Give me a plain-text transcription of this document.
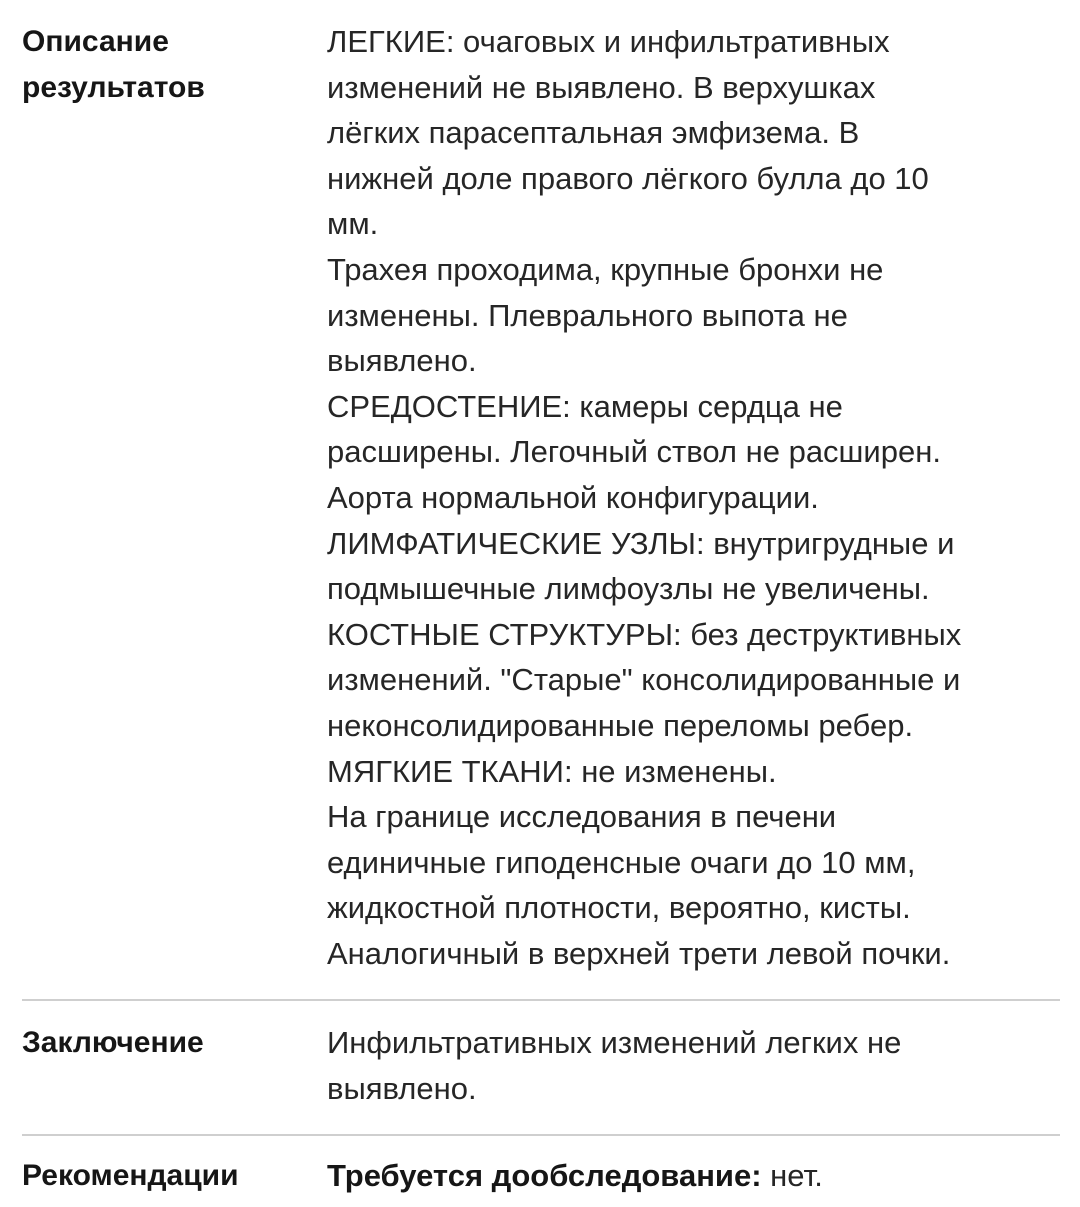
Описание
результатов
ЛЕГКИЕ: очаговых и инфильтративных
изменений не выявлено. В верхушках
лёгких парасептальная эмфизема. В
нижней доле правого лёгкого булла до 10
мм.
Трахея проходима, крупные бронхи не
изменены. Плеврального выпота не
выявлено.
СРЕДОСТЕНИЕ: камеры сердца не
расширены. Легочный ствол не расширен.
Аорта нормальной конфигурации.
ЛИМФАТИЧЕСКИЕ УЗЛЫ: внутригрудные и
подмышечные лимфоузлы не увеличены.
КОСТНЫЕ СТРУКТУРЫ: без деструктивных
изменений. "Старые" консолидированные и
неконсолидированные переломы ребер.
МЯГКИЕ ТКАНИ: не изменены.
На границе исследования в печени
единичные гиподенсные очаги до 10 мм,
жидкостной плотности, вероятно, кисты.
Аналогичный в верхней трети левой почки.
Заключение	Инфильтративных изменений легких не
выявлено.
Рекомендации	Требуется дообследование: нет.
